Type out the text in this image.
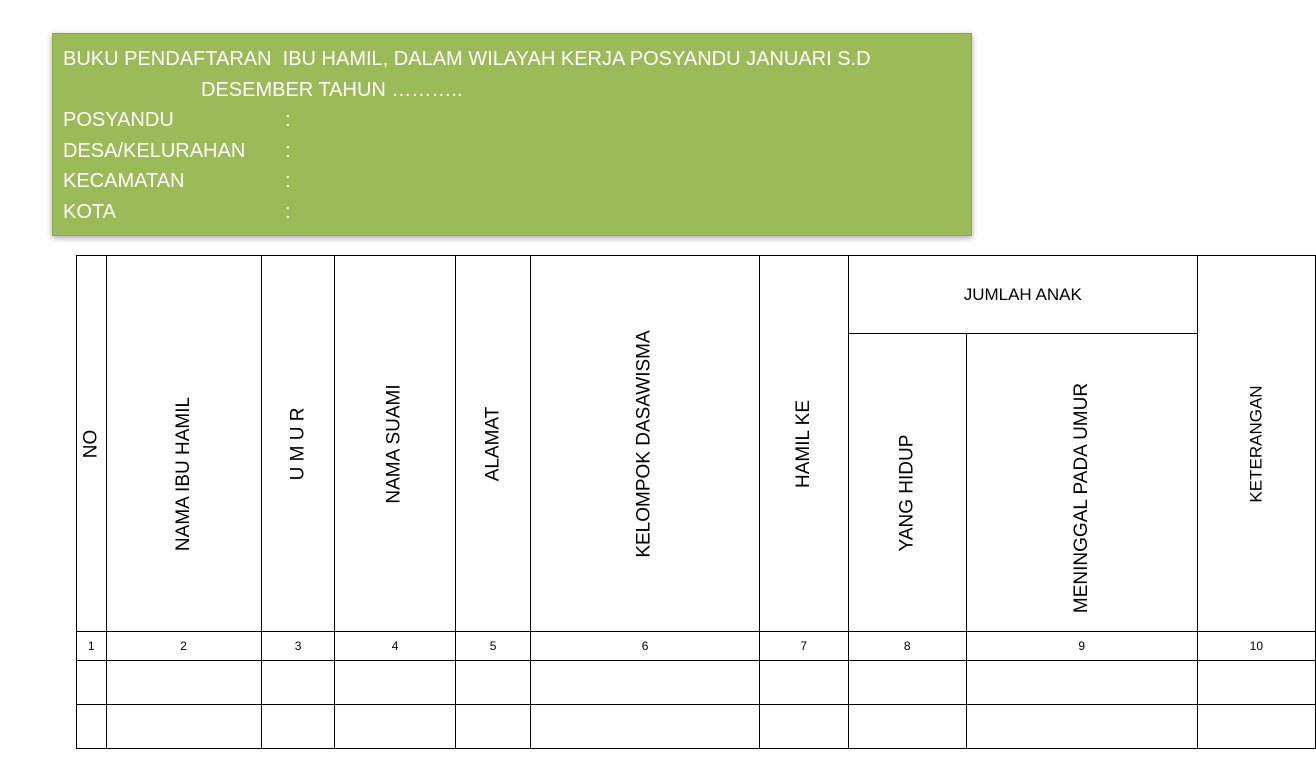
BUKU PENDAFTARAN  IBU HAMIL, DALAM WILAYAH KERJA POSYANDU JANUARI S.D
DESEMBER TAHUN ………..
POSYANDU	:
DESA/KELURAHAN :
KECAMATAN	:
KOTA	:
NO	NAMA IBU HAMIL	U M U R	NAMA SUAMI	ALAMAT	KELOMPOK DASAWISMA	HAMIL KE	JUMLAH ANAK		KETERANGAN
							YANG HIDUP	MENINGGAL PADA UMUR	
1	2	3	4	5	6	7	8	9	10
